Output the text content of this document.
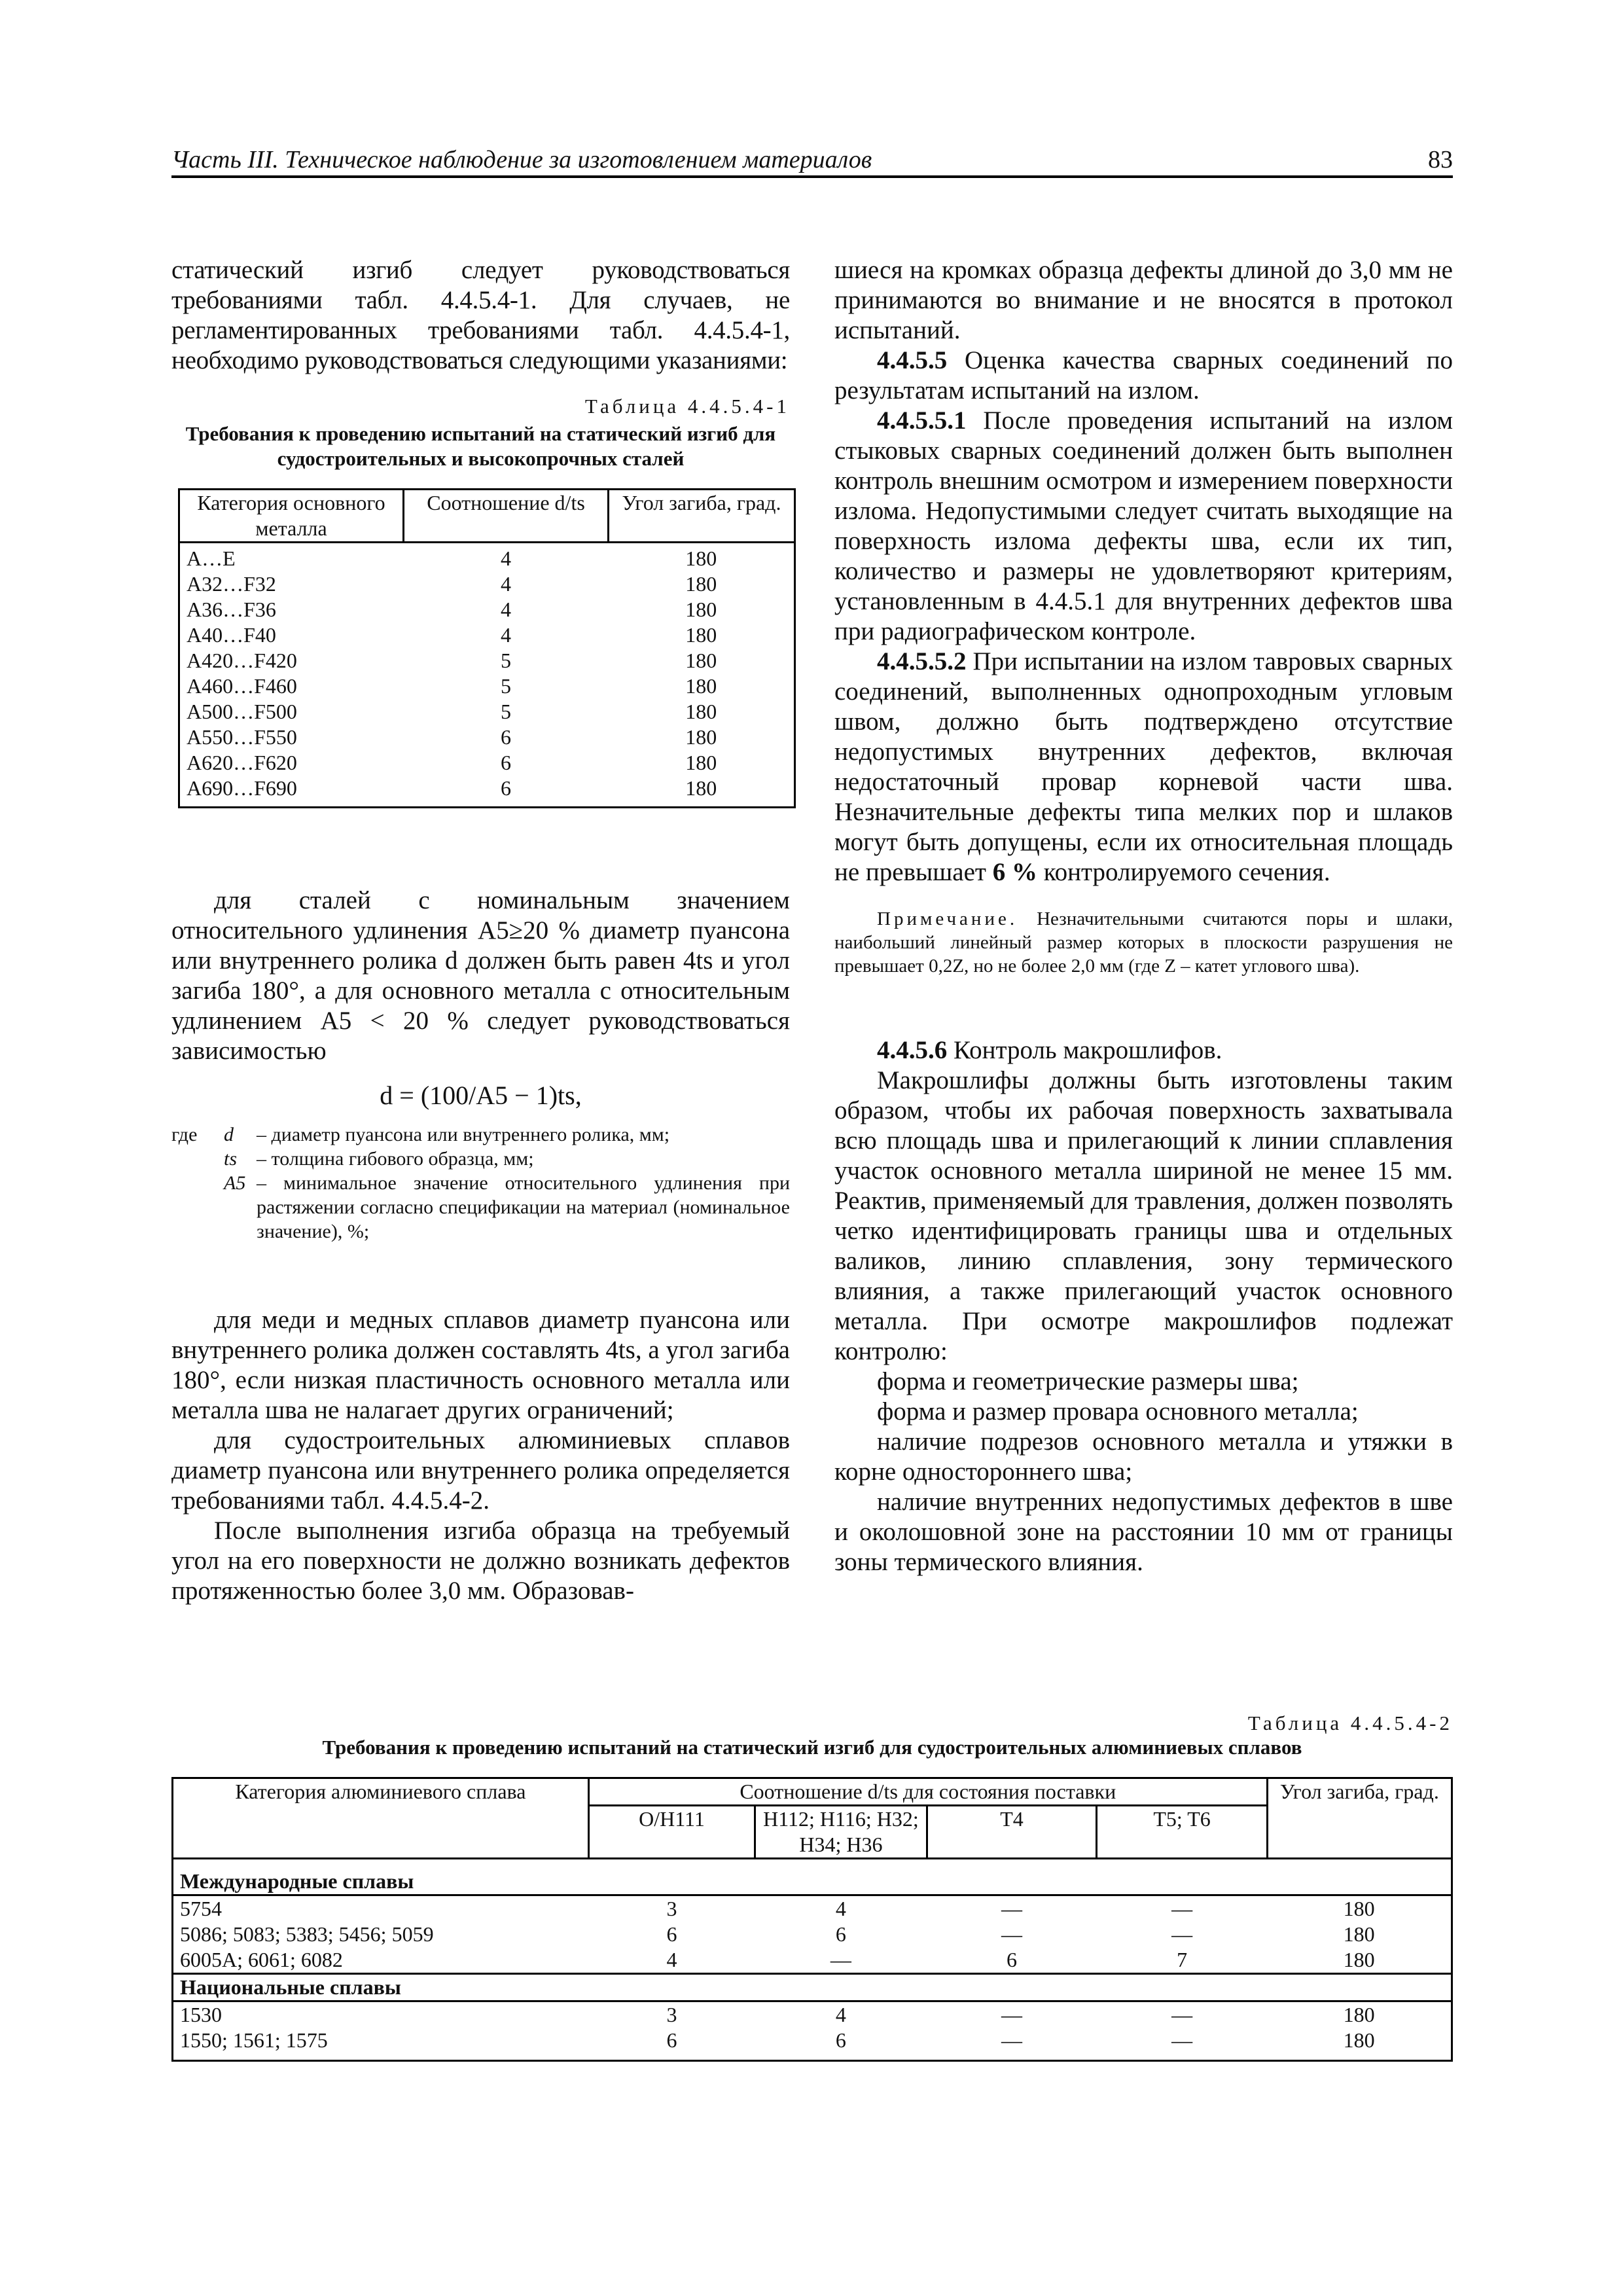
Часть III. Техническое наблюдение за изготовлением материалов	83

статический изгиб следует руководствоваться требованиями табл. 4.4.5.4-1. Для случаев, не регламентированных требованиями табл. 4.4.5.4-1, необходимо руководствоваться следующими указаниями:

Таблица 4.4.5.4-1
Требования к проведению испытаний на статический изгиб для судостроительных и высокопрочных сталей
Категория основного металла	Соотношение d/ts	Угол загиба, град.

A…E	4	180
A32…F32	4	180
A36…F36	4	180
A40…F40	4	180
A420…F420	5	180
A460…F460	5	180
A500…F500	5	180
A550…F550	6	180
A620…F620	6	180
A690…F690	6	180

для сталей с номинальным значением относительного удлинения A5≥20 % диаметр пуансона или внутреннего ролика d должен быть равен 4ts и угол загиба 180°, а для основного металла с относительным удлинением A5 < 20 % следует руководствоваться зависимостью

d = (100/A5 − 1)ts,
где	d	– диаметр пуансона или внутреннего ролика, мм;
ts – толщина гибового образца, мм;
A5 – минимальное значение относительного удлинения при растяжении согласно спецификации на материал (номинальное значение), %;

для меди и медных сплавов диаметр пуансона или внутреннего ролика должен составлять 4ts, а угол загиба 180°, если низкая пластичность основного металла или металла шва не налагает других ограничений;

для судостроительных алюминиевых сплавов диаметр пуансона или внутреннего ролика определяется требованиями табл. 4.4.5.4-2.

После выполнения изгиба образца на требуемый угол на его поверхности не должно возникать дефектов протяженностью более 3,0 мм. Образовав-

шиеся на кромках образца дефекты длиной до 3,0 мм не принимаются во внимание и не вносятся в протокол испытаний.

4.4.5.5 Оценка качества сварных соединений по результатам испытаний на излом.

4.4.5.5.1 После проведения испытаний на излом стыковых сварных соединений должен быть выполнен контроль внешним осмотром и измерением поверхности излома. Недопустимыми следует считать выходящие на поверхность излома дефекты шва, если их тип, количество и размеры не удовлетворяют критериям, установленным в 4.4.5.1 для внутренних дефектов шва при радиографическом контроле.

4.4.5.5.2 При испытании на излом тавровых сварных соединений, выполненных однопроходным угловым швом, должно быть подтверждено отсутствие недопустимых внутренних дефектов, включая недостаточный провар корневой части шва. Незначительные дефекты типа мелких пор и шлаков могут быть допущены, если их относительная площадь не превышает 6 % контролируемого сечения.

Примечание. Незначительными считаются поры и шлаки, наибольший линейный размер которых в плоскости разрушения не превышает 0,2Z, но не более 2,0 мм (где Z – катет углового шва).

4.4.5.6 Контроль макрошлифов.

Макрошлифы должны быть изготовлены таким образом, чтобы их рабочая поверхность захватывала всю площадь шва и прилегающий к линии сплавления участок основного металла шириной не менее 15 мм. Реактив, применяемый для травления, должен позволять четко идентифицировать границы шва и отдельных валиков, линию сплавления, зону термического влияния, а также прилегающий участок основного металла. При осмотре макрошлифов подлежат контролю:

форма и геометрические размеры шва;

форма и размер провара основного металла;

наличие подрезов основного металла и утяжки в корне одностороннего шва;

наличие внутренних недопустимых дефектов в шве и околошовной зоне на расстоянии 10 мм от границы зоны термического влияния.

Таблица 4.4.5.4-2
Требования к проведению испытаний на статический изгиб для судостроительных алюминиевых сплавов
Категория алюминиевого сплава	Соотношение d/ts для состояния поставки				Угол загиба, град.
	O/H111	H112; H116; H32; H34; H36	T4	T5; T6	

Международные сплавы					
5754	3	4	—	—	180
5086; 5083; 5383; 5456; 5059	6	6	—	—	180
6005A; 6061; 6082	4	—	6	7	180
Национальные сплавы					
1530	3	4	—	—	180
1550; 1561; 1575	6	6	—	—	180
